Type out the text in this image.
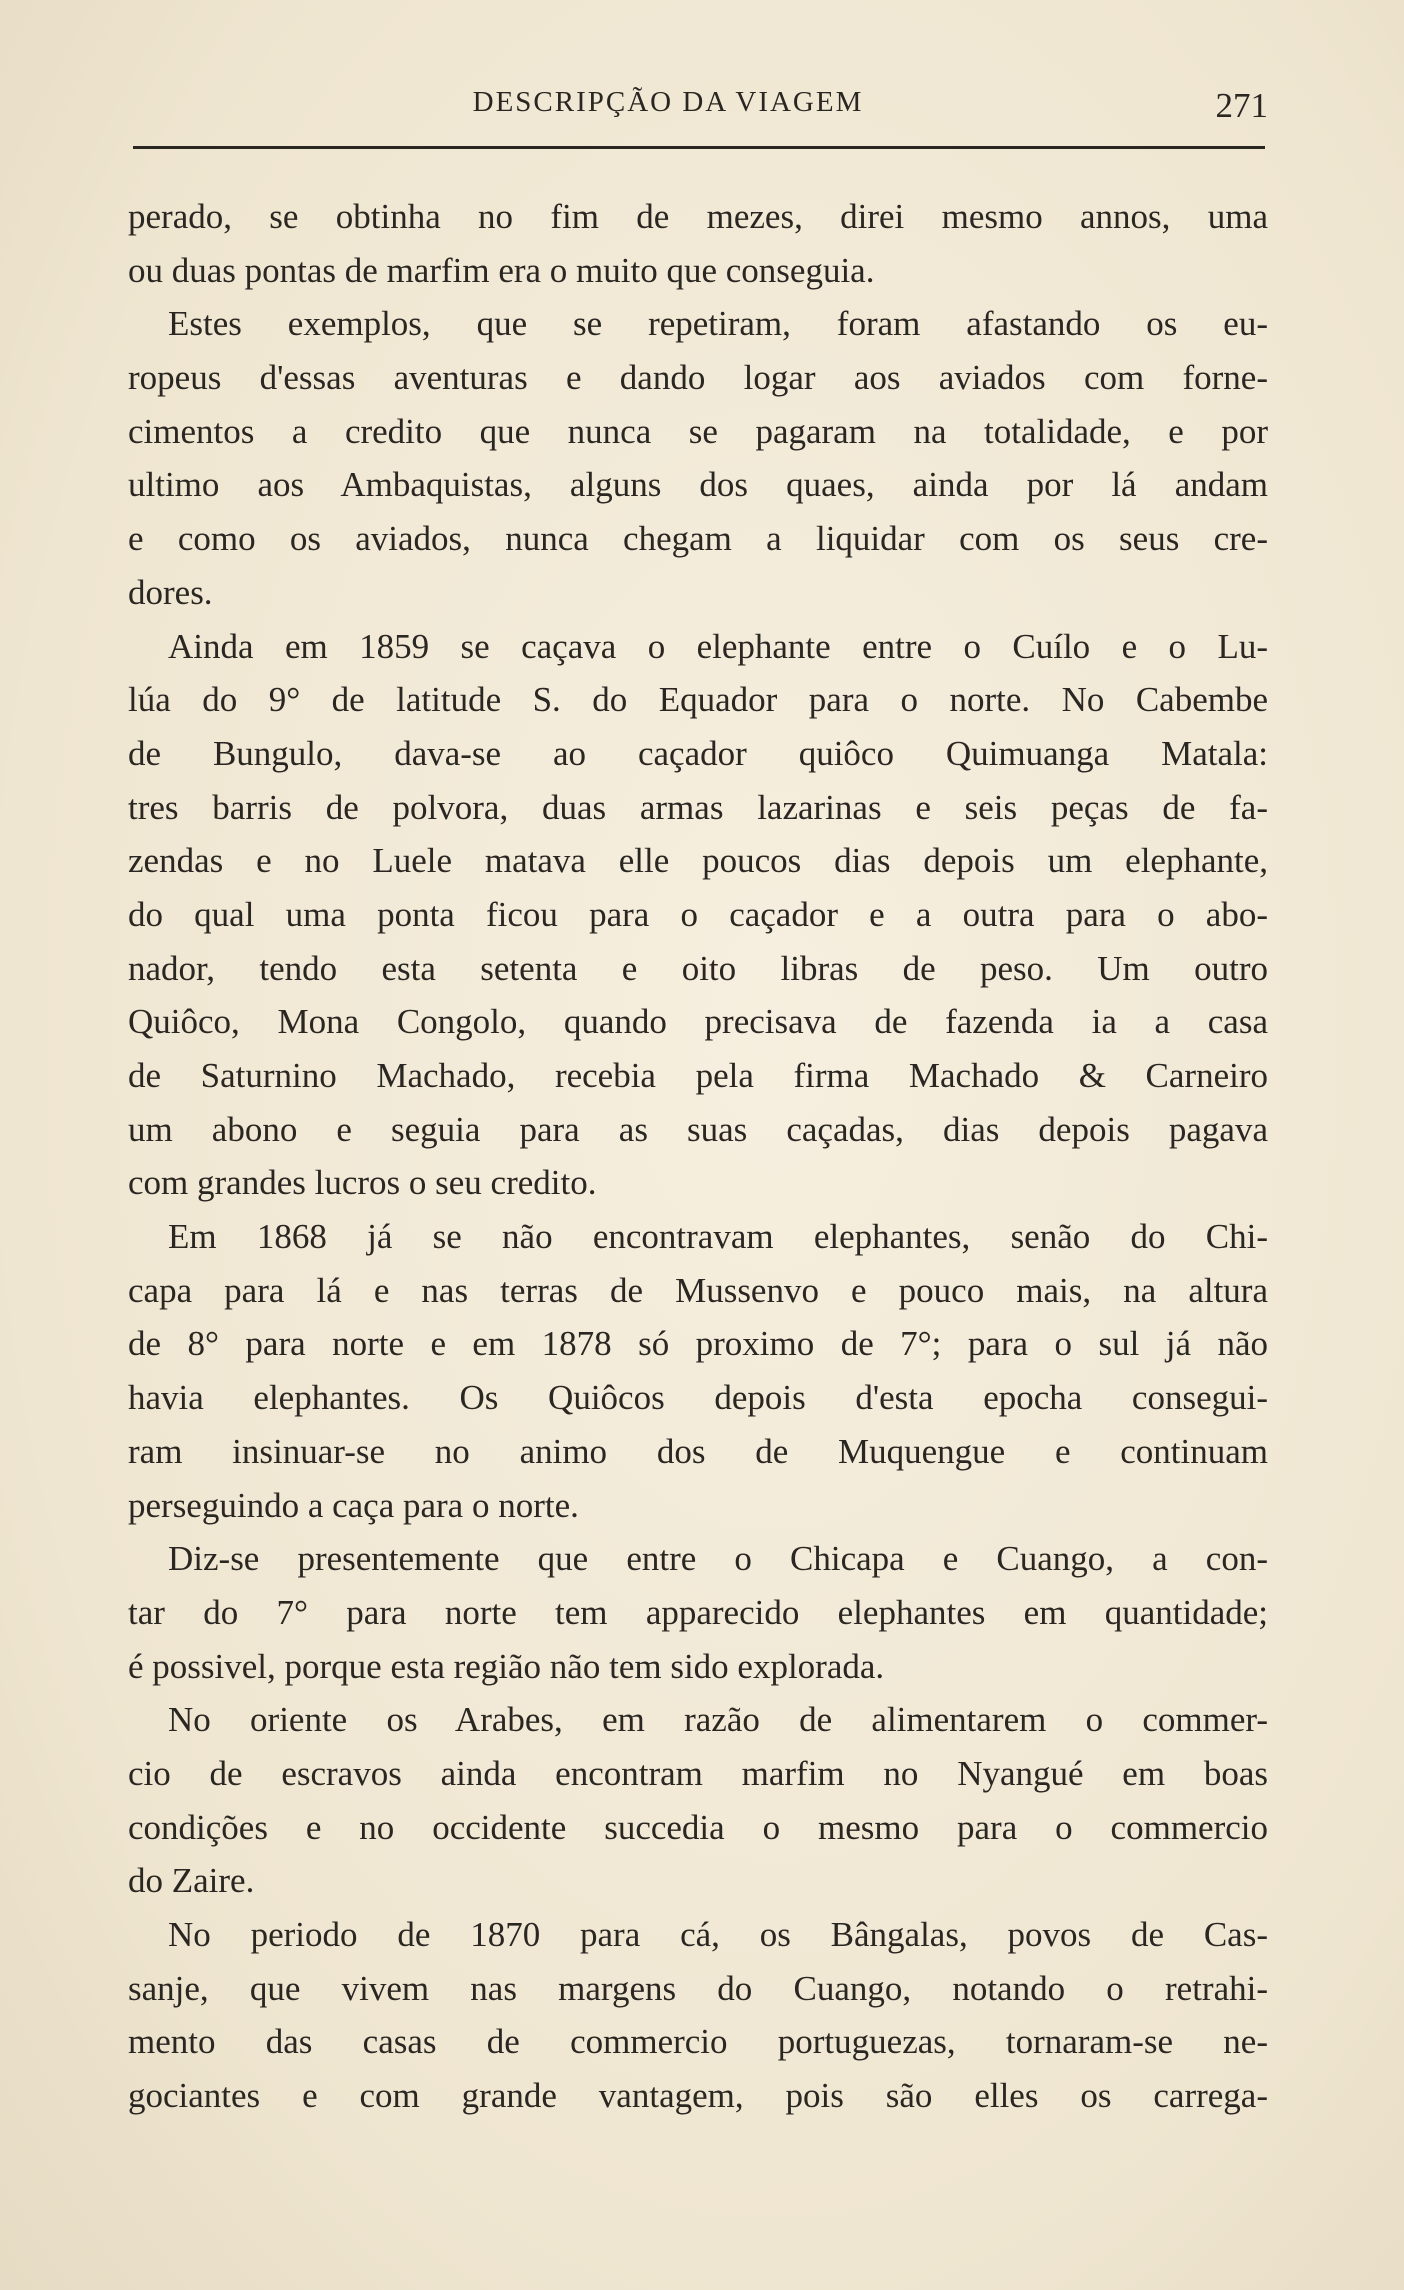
DESCRIPÇÃO DA VIAGEM	271
perado, se obtinha no fim de mezes, direi mesmo annos, uma
ou duas pontas de marfim era o muito que conseguia.
Estes exemplos, que se repetiram, foram afastando os eu-
ropeus d'essas aventuras e dando logar aos aviados com forne-
cimentos a credito que nunca se pagaram na totalidade, e por
ultimo aos Ambaquistas, alguns dos quaes, ainda por lá andam
e como os aviados, nunca chegam a liquidar com os seus cre-
dores.
Ainda em 1859 se caçava o elephante entre o Cuílo e o Lu-
lúa do 9° de latitude S. do Equador para o norte. No Cabembe
de Bungulo, dava-se ao caçador quiôco Quimuanga Matala:
tres barris de polvora, duas armas lazarinas e seis peças de fa-
zendas e no Luele matava elle poucos dias depois um elephante,
do qual uma ponta ficou para o caçador e a outra para o abo-
nador, tendo esta setenta e oito libras de peso. Um outro
Quiôco, Mona Congolo, quando precisava de fazenda ia a casa
de Saturnino Machado, recebia pela firma Machado & Carneiro
um abono e seguia para as suas caçadas, dias depois pagava
com grandes lucros o seu credito.
Em 1868 já se não encontravam elephantes, senão do Chi-
capa para lá e nas terras de Mussenvo e pouco mais, na altura
de 8° para norte e em 1878 só proximo de 7°; para o sul já não
havia elephantes. Os Quiôcos depois d'esta epocha consegui-
ram insinuar-se no animo dos de Muquengue e continuam
perseguindo a caça para o norte.
Diz-se presentemente que entre o Chicapa e Cuango, a con-
tar do 7° para norte tem apparecido elephantes em quantidade;
é possivel, porque esta região não tem sido explorada.
No oriente os Arabes, em razão de alimentarem o commer-
cio de escravos ainda encontram marfim no Nyangué em boas
condições e no occidente succedia o mesmo para o commercio
do Zaire.
No periodo de 1870 para cá, os Bângalas, povos de Cas-
sanje, que vivem nas margens do Cuango, notando o retrahi-
mento das casas de commercio portuguezas, tornaram-se ne-
gociantes e com grande vantagem, pois são elles os carrega-
